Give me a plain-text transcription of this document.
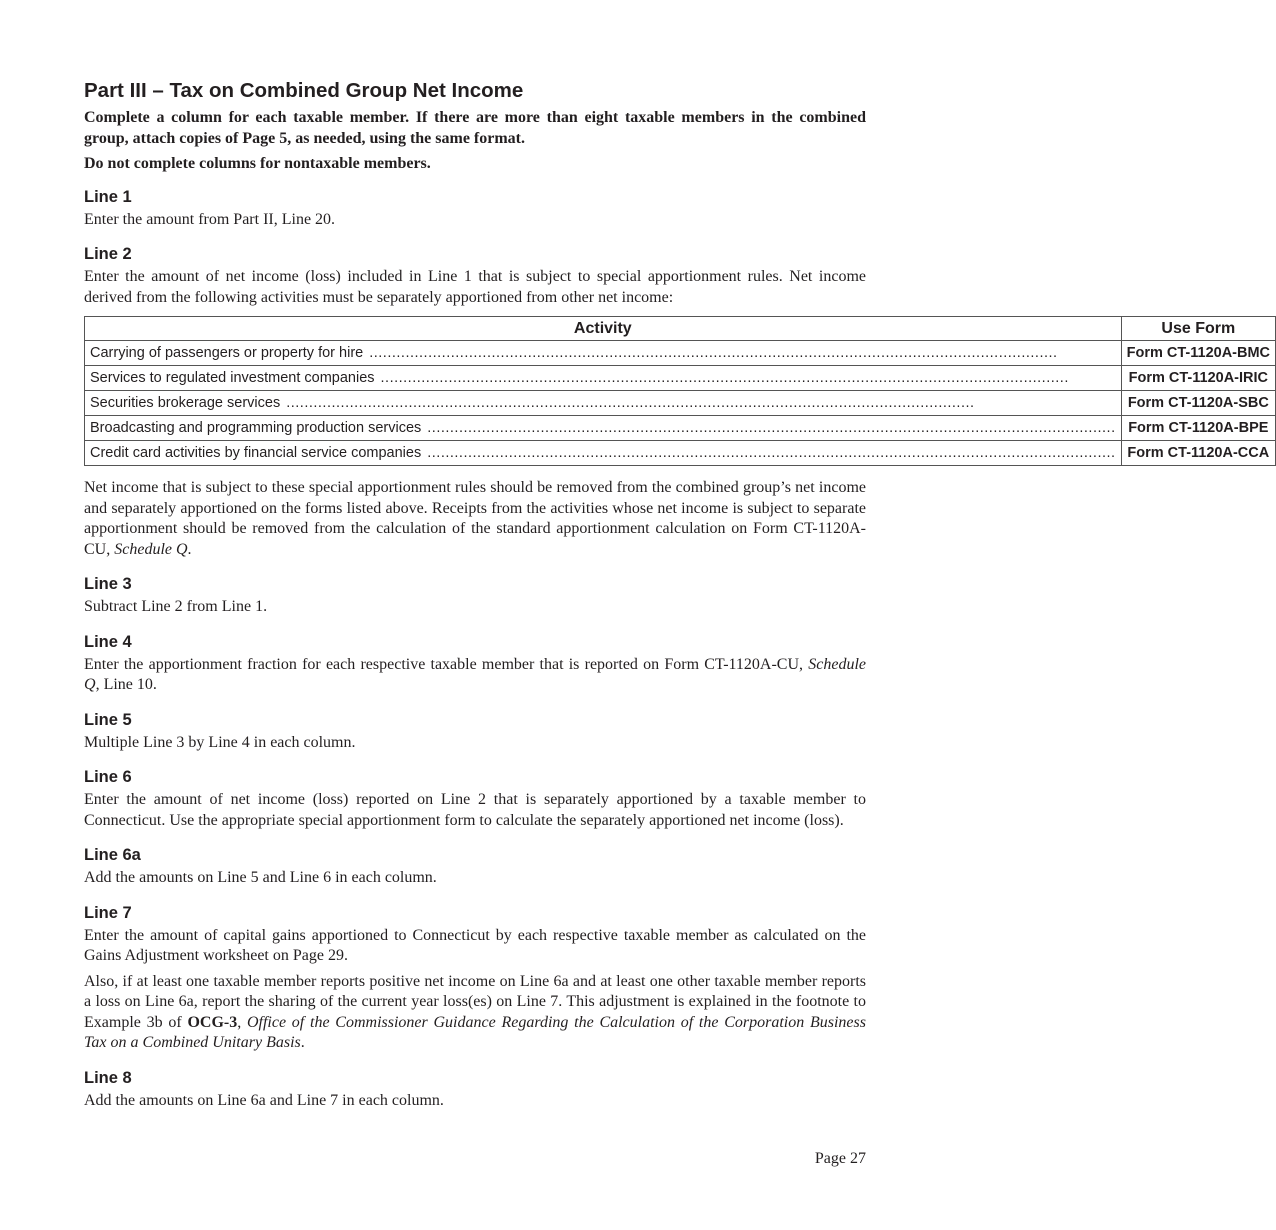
Part III – Tax on Combined Group Net Income

Complete a column for each taxable member. If there are more than eight taxable members in the combined group, attach copies of Page 5, as needed, using the same format.

Do not complete columns for nontaxable members.

Line 1

Enter the amount from Part II, Line 20.

Line 2

Enter the amount of net income (loss) included in Line 1 that is subject to special apportionment rules. Net income derived from the following activities must be separately apportioned from other net income:

Activity	Use Form

Carrying of passengers or property for hire ........................................................................................................................................................	Form CT-1120A-BMC

Services to regulated investment companies ........................................................................................................................................................	Form CT-1120A-IRIC

Securities brokerage services ........................................................................................................................................................	Form CT-1120A-SBC

Broadcasting and programming production services ........................................................................................................................................................	Form CT-1120A-BPE

Credit card activities by financial service companies ........................................................................................................................................................	Form CT-1120A-CCA

Net income that is subject to these special apportionment rules should be removed from the combined group’s net income and separately apportioned on the forms listed above. Receipts from the activities whose net income is subject to separate apportionment should be removed from the calculation of the standard apportionment calculation on Form CT-1120A-CU, Schedule Q.

Line 3

Subtract Line 2 from Line 1.

Line 4

Enter the apportionment fraction for each respective taxable member that is reported on Form CT-1120A-CU, Schedule Q, Line 10.

Line 5

Multiple Line 3 by Line 4 in each column.

Line 6

Enter the amount of net income (loss) reported on Line 2 that is separately apportioned by a taxable member to Connecticut. Use the appropriate special apportionment form to calculate the separately apportioned net income (loss).

Line 6a

Add the amounts on Line 5 and Line 6 in each column.

Line 7

Enter the amount of capital gains apportioned to Connecticut by each respective taxable member as calculated on the Gains Adjustment worksheet on Page 29.

Also, if at least one taxable member reports positive net income on Line 6a and at least one other taxable member reports a loss on Line 6a, report the sharing of the current year loss(es) on Line 7. This adjustment is explained in the footnote to Example 3b of OCG-3, Office of the Commissioner Guidance Regarding the Calculation of the Corporation Business Tax on a Combined Unitary Basis.

Line 8

Add the amounts on Line 6a and Line 7 in each column.

Page 27
